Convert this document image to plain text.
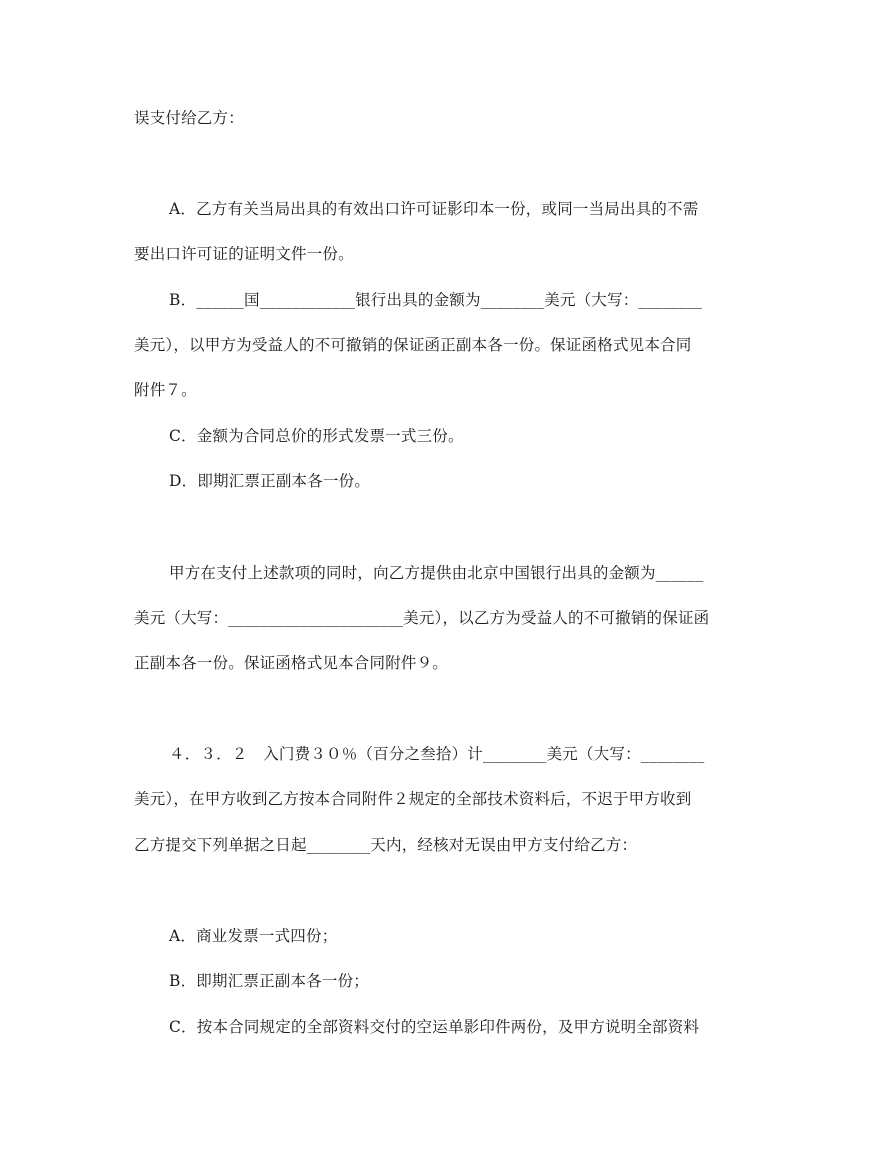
误支付给乙方：
A．乙方有关当局出具的有效出口许可证影印本一份，或同一当局出具的不需
要出口许可证的证明文件一份。
B．______国____________银行出具的金额为________美元（大写：________
美元），以甲方为受益人的不可撤销的保证函正副本各一份。保证函格式见本合同
附件７。
C．金额为合同总价的形式发票一式三份。
D．即期汇票正副本各一份。
甲方在支付上述款项的同时，向乙方提供由北京中国银行出具的金额为______
美元（大写：______________________美元），以乙方为受益人的不可撤销的保证函
正副本各一份。保证函格式见本合同附件９。
４．３．２　入门费３０％（百分之叁拾）计________美元（大写：________
美元），在甲方收到乙方按本合同附件２规定的全部技术资料后，不迟于甲方收到
乙方提交下列单据之日起________天内，经核对无误由甲方支付给乙方：
A．商业发票一式四份；
B．即期汇票正副本各一份；
C．按本合同规定的全部资料交付的空运单影印件两份，及甲方说明全部资料
